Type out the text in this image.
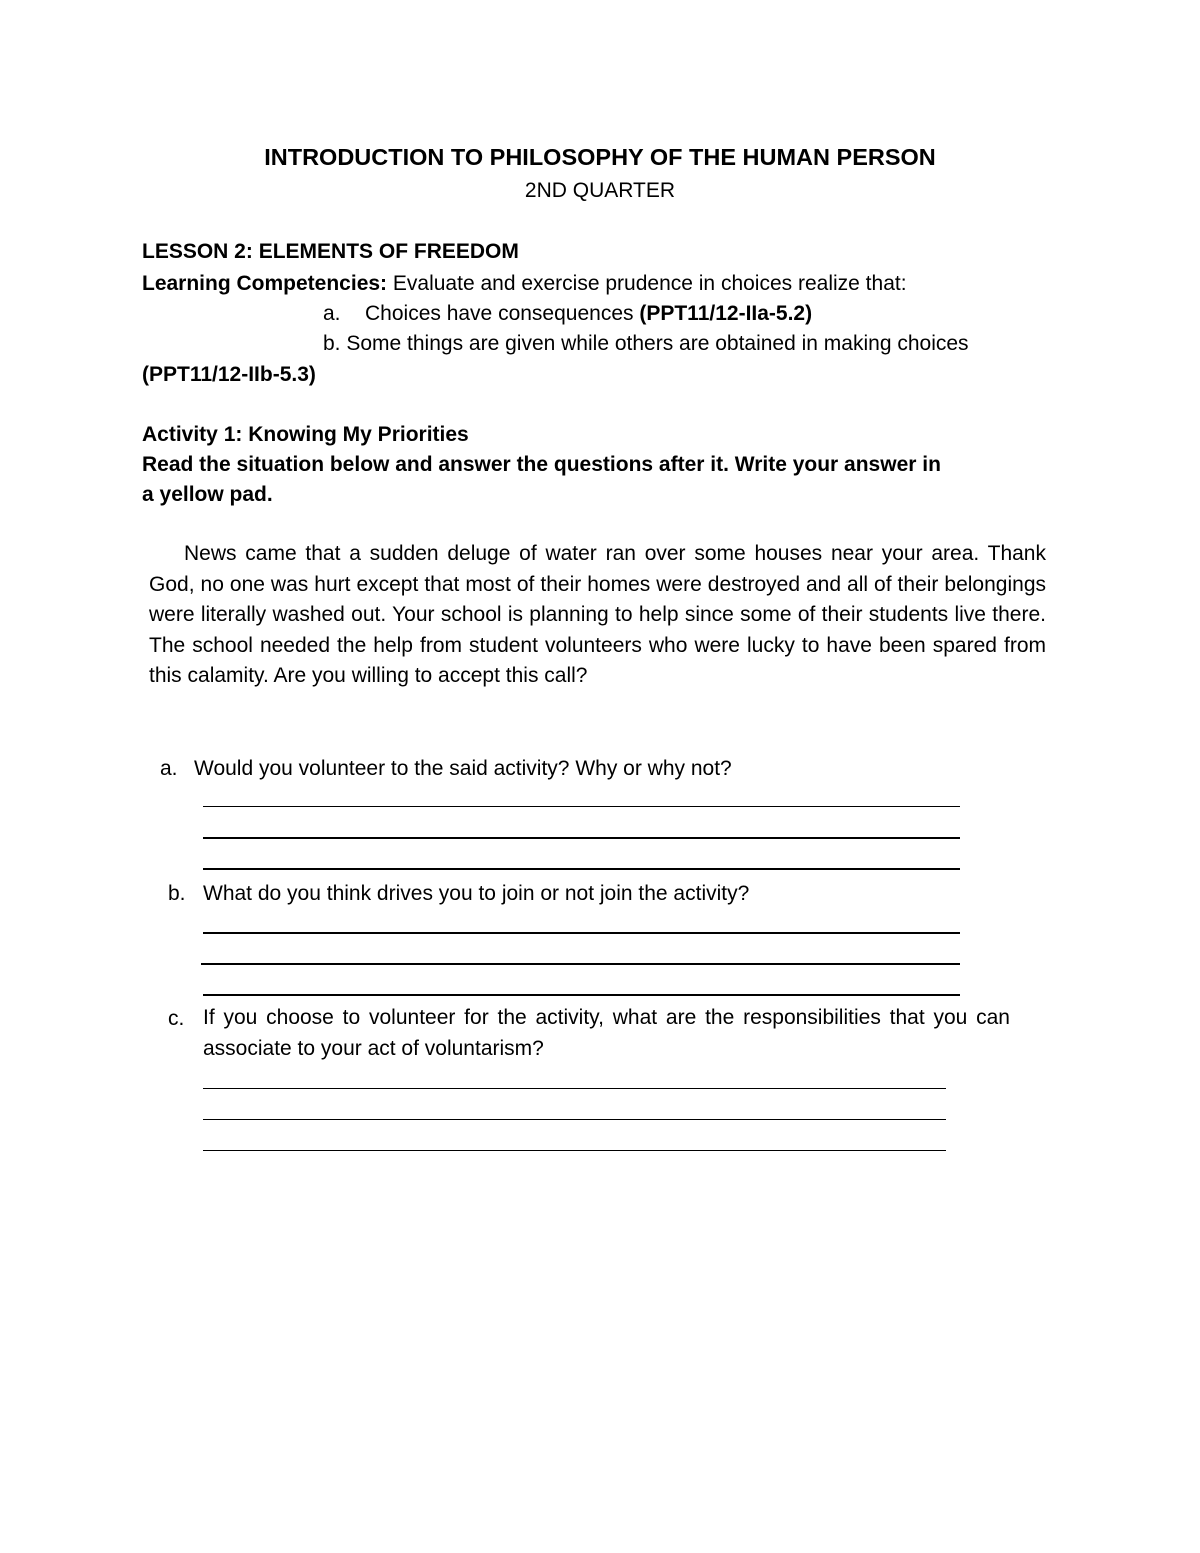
INTRODUCTION TO PHILOSOPHY OF THE HUMAN PERSON
2ND QUARTER
LESSON 2: ELEMENTS OF FREEDOM
Learning Competencies: Evaluate and exercise prudence in choices realize that:
a. Choices have consequences (PPT11/12-IIa-5.2)
b. Some things are given while others are obtained in making choices
(PPT11/12-IIb-5.3)
Activity 1: Knowing My Priorities
Read the situation below and answer the questions after it. Write your answer in
a yellow pad.

News came that a sudden deluge of water ran over some houses near your area. Thank God, no one was hurt except that most of their homes were destroyed and all of their belongings were literally washed out. Your school is planning to help since some of their students live there. The school needed the help from student volunteers who were lucky to have been spared from this calamity. Are you willing to accept this call?

a. Would you volunteer to the said activity? Why or why not?
b. What do you think drives you to join or not join the activity?
c. If you choose to volunteer for the activity, what are the responsibilities that you can associate to your act of voluntarism?
